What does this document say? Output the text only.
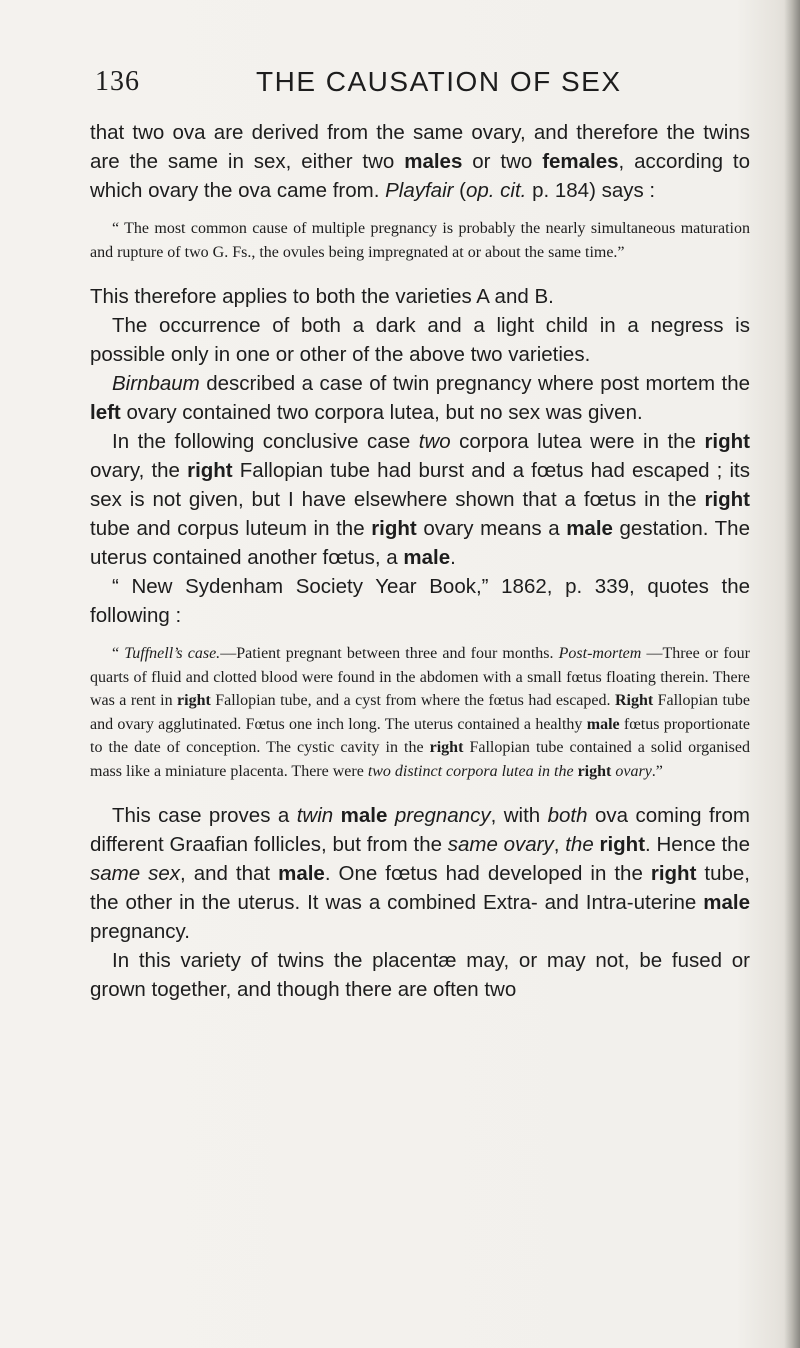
136	THE CAUSATION OF SEX

that two ova are derived from the same ovary, and therefore the twins are the same in sex, either two males or two females, according to which ovary the ova came from. Playfair (op. cit. p. 184) says :

“ The most common cause of multiple pregnancy is probably the nearly simultaneous maturation and rupture of two G. Fs., the ovules being impregnated at or about the same time.”

This therefore applies to both the varieties A and B.

The occurrence of both a dark and a light child in a negress is possible only in one or other of the above two varieties.

Birnbaum described a case of twin pregnancy where post mortem the left ovary contained two corpora lutea, but no sex was given.

In the following conclusive case two corpora lutea were in the right ovary, the right Fallopian tube had burst and a fœtus had escaped ; its sex is not given, but I have elsewhere shown that a fœtus in the right tube and corpus luteum in the right ovary means a male gestation. The uterus contained another fœtus, a male.

“ New Sydenham Society Year Book,” 1862, p. 339, quotes the following :

“ Tuffnell’s case.—Patient pregnant between three and four months. Post-mortem —Three or four quarts of fluid and clotted blood were found in the abdomen with a small fœtus floating therein. There was a rent in right Fallopian tube, and a cyst from where the fœtus had escaped. Right Fallopian tube and ovary agglutinated. Fœtus one inch long. The uterus contained a healthy male fœtus proportionate to the date of conception. The cystic cavity in the right Fallopian tube contained a solid organised mass like a miniature placenta. There were two distinct corpora lutea in the right ovary.”

This case proves a twin male pregnancy, with both ova coming from different Graafian follicles, but from the same ovary, the right. Hence the same sex, and that male. One fœtus had developed in the right tube, the other in the uterus. It was a combined Extra- and Intra-uterine male pregnancy.

In this variety of twins the placentæ may, or may not, be fused or grown together, and though there are often two
